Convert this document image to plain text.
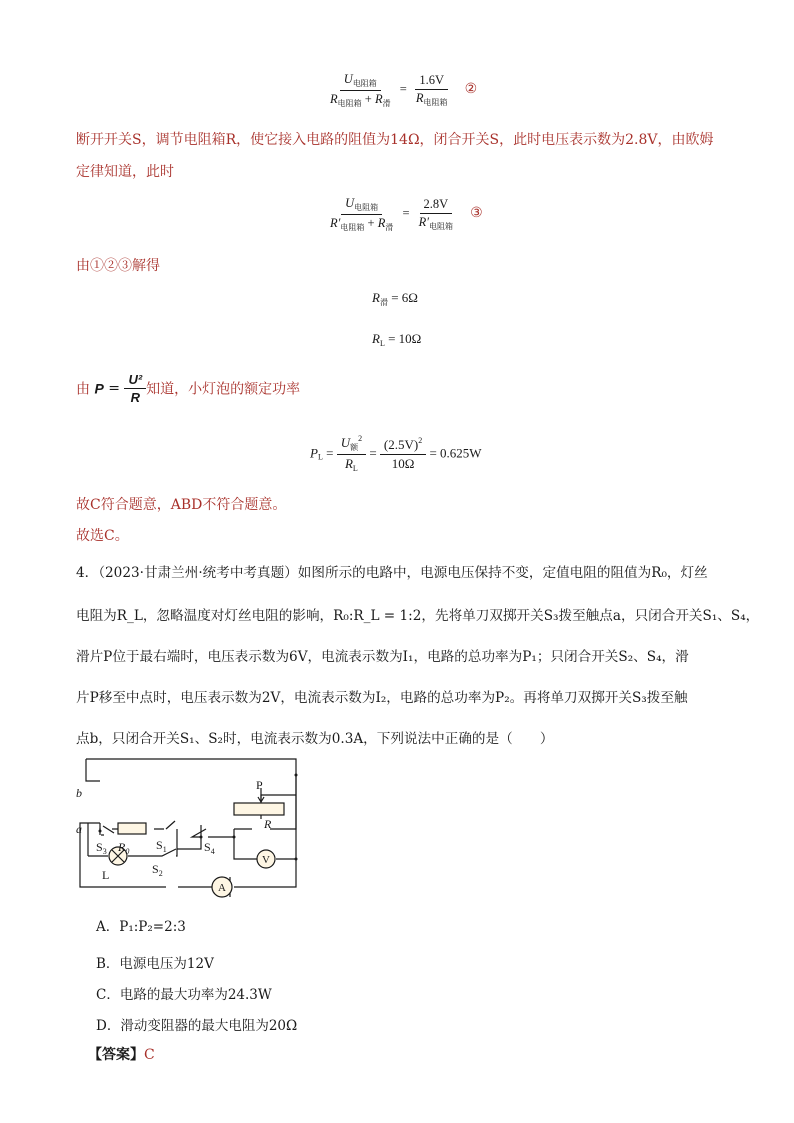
$\frac{U_{电阻箱}}{R_{电阻箱} + R_滑} = \frac{1.6V}{R_{电阻箱}}$ ②
断开开关S，调节电阻箱R，使它接入电路的阻值为14Ω，闭合开关S，此时电压表示数为2.8V，由欧姆
定律知道，此时
$\frac{U_{电阻箱}}{R'_{电阻箱} + R_滑} = \frac{2.8V}{R'_{电阻箱}}$ ③
由①②③解得
$R_滑 = 6\Omega$
$R_L = 10\Omega$
由 $P = \frac{\text{U²}}{R}$ 知道，小灯泡的额定功率
$P_L = \frac{U_额^2}{R_L} = \frac{(2.5V)^2}{10\Omega} = 0.625W$
故C符合题意，ABD不符合题意。
故选C。
4．（2023·甘肃兰州·统考中考真题）如图所示的电路中，电源电压保持不变，定值电阻的阻值为R₀，灯丝
电阻为R_L，忽略温度对灯丝电阻的影响，R₀:R_L = 1:2，先将单刀双掷开关S₃拨至触点a，只闭合开关S₁、S₄，
滑片P位于最右端时，电压表示数为6V，电流表示数为I₁，电路的总功率为P₁；只闭合开关S₂、S₄，滑
片P移至中点时，电压表示数为2V，电流表示数为I₂，电路的总功率为P₂。再将单刀双掷开关S₃拨至触
点b，只闭合开关S₁、S₂时，电流表示数为0.3A，下列说法中正确的是（　　）
b
a
$S_3$ $R_0$ $S_1$	$S_4$
$S_2$
L
P
R
V
A
A．P₁:P₂=2:3
B．电源电压为12V
C．电路的最大功率为24.3W
D．滑动变阻器的最大电阻为20Ω
【答案】C
